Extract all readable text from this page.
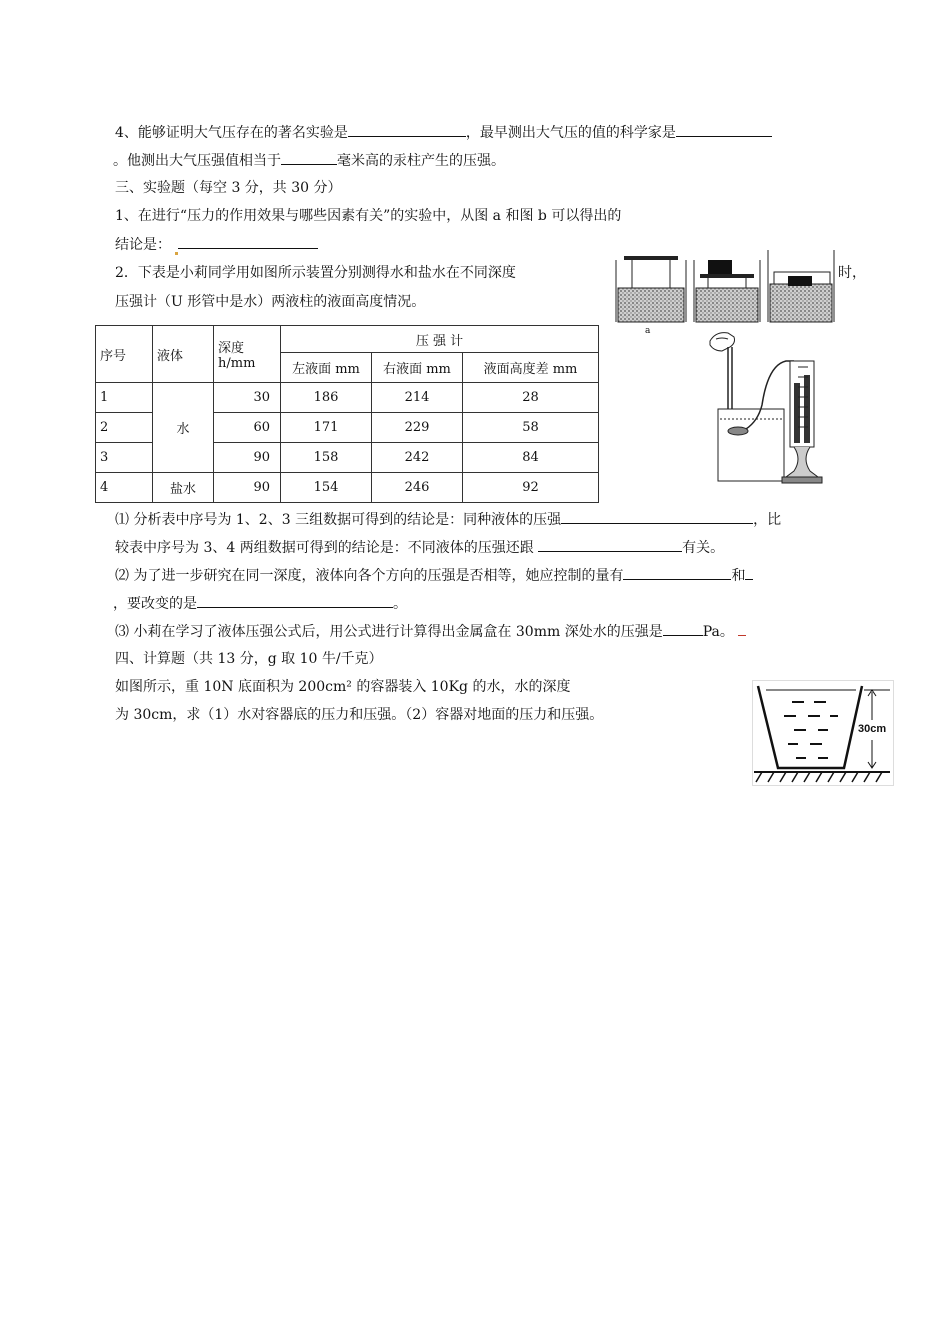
4、能够证明大气压存在的著名实验是	，最早测出大气压的值的科学家是
。他测出大气压强值相当于	毫米高的汞柱产生的压强。
三、实验题（每空 3 分，共 30 分）
1、在进行“压力的作用效果与哪些因素有关”的实验中，从图 a 和图 b 可以得出的
结论是：
2．下表是小莉同学用如图所示装置分别测得水和盐水在不同深度	时，
压强计（U 形管中是水）两液柱的液面高度情况。
a
序号	液体	深度 h/mm	压 强 计		
			左液面 mm	右液面 mm	液面高度差 mm
1	水	30	186	214	28
2		60	171	229	58
3		90	158	242	84
4	盐水	90	154	246	92
⑴ 分析表中序号为 1、2、3 三组数据可得到的结论是：同种液体的压强	，比
较表中序号为 3、4 两组数据可得到的结论是：不同液体的压强还跟	有关。
⑵ 为了进一步研究在同一深度，液体向各个方向的压强是否相等，她应控制的量有	和
，要改变的是	。
⑶ 小莉在学习了液体压强公式后，用公式进行计算得出金属盒在 30mm 深处水的压强是	Pa。
四、计算题（共 13 分，g 取 10 牛/千克）
如图所示，重 10N 底面积为 200cm² 的容器装入 10Kg 的水，水的深度
为 30cm，求（1）水对容器底的压力和压强。（2）容器对地面的压力和压强。
30cm
